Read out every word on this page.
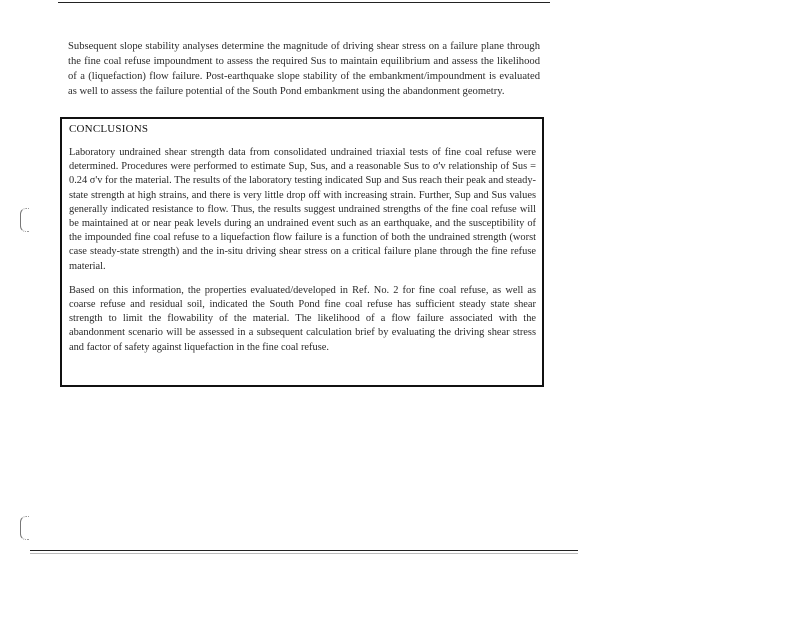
Subsequent slope stability analyses determine the magnitude of driving shear stress on a failure plane through the fine coal refuse impoundment to assess the required Sus to maintain equilibrium and assess the likelihood of a (liquefaction) flow failure. Post-earthquake slope stability of the embankment/impoundment is evaluated as well to assess the failure potential of the South Pond embankment using the abandonment geometry.

CONCLUSIONS

Laboratory undrained shear strength data from consolidated undrained triaxial tests of fine coal refuse were determined. Procedures were performed to estimate Sup, Sus, and a reasonable Sus to σ'v relationship of Sus = 0.24 σ'v for the material. The results of the laboratory testing indicated Sup and Sus reach their peak and steady-state strength at high strains, and there is very little drop off with increasing strain. Further, Sup and Sus values generally indicated resistance to flow. Thus, the results suggest undrained strengths of the fine coal refuse will be maintained at or near peak levels during an undrained event such as an earthquake, and the susceptibility of the impounded fine coal refuse to a liquefaction flow failure is a function of both the undrained strength (worst case steady-state strength) and the in-situ driving shear stress on a critical failure plane through the fine refuse material.

Based on this information, the properties evaluated/developed in Ref. No. 2 for fine coal refuse, as well as coarse refuse and residual soil, indicated the South Pond fine coal refuse has sufficient steady state shear strength to limit the flowability of the material. The likelihood of a flow failure associated with the abandonment scenario will be assessed in a subsequent calculation brief by evaluating the driving shear stress and factor of safety against liquefaction in the fine coal refuse.
